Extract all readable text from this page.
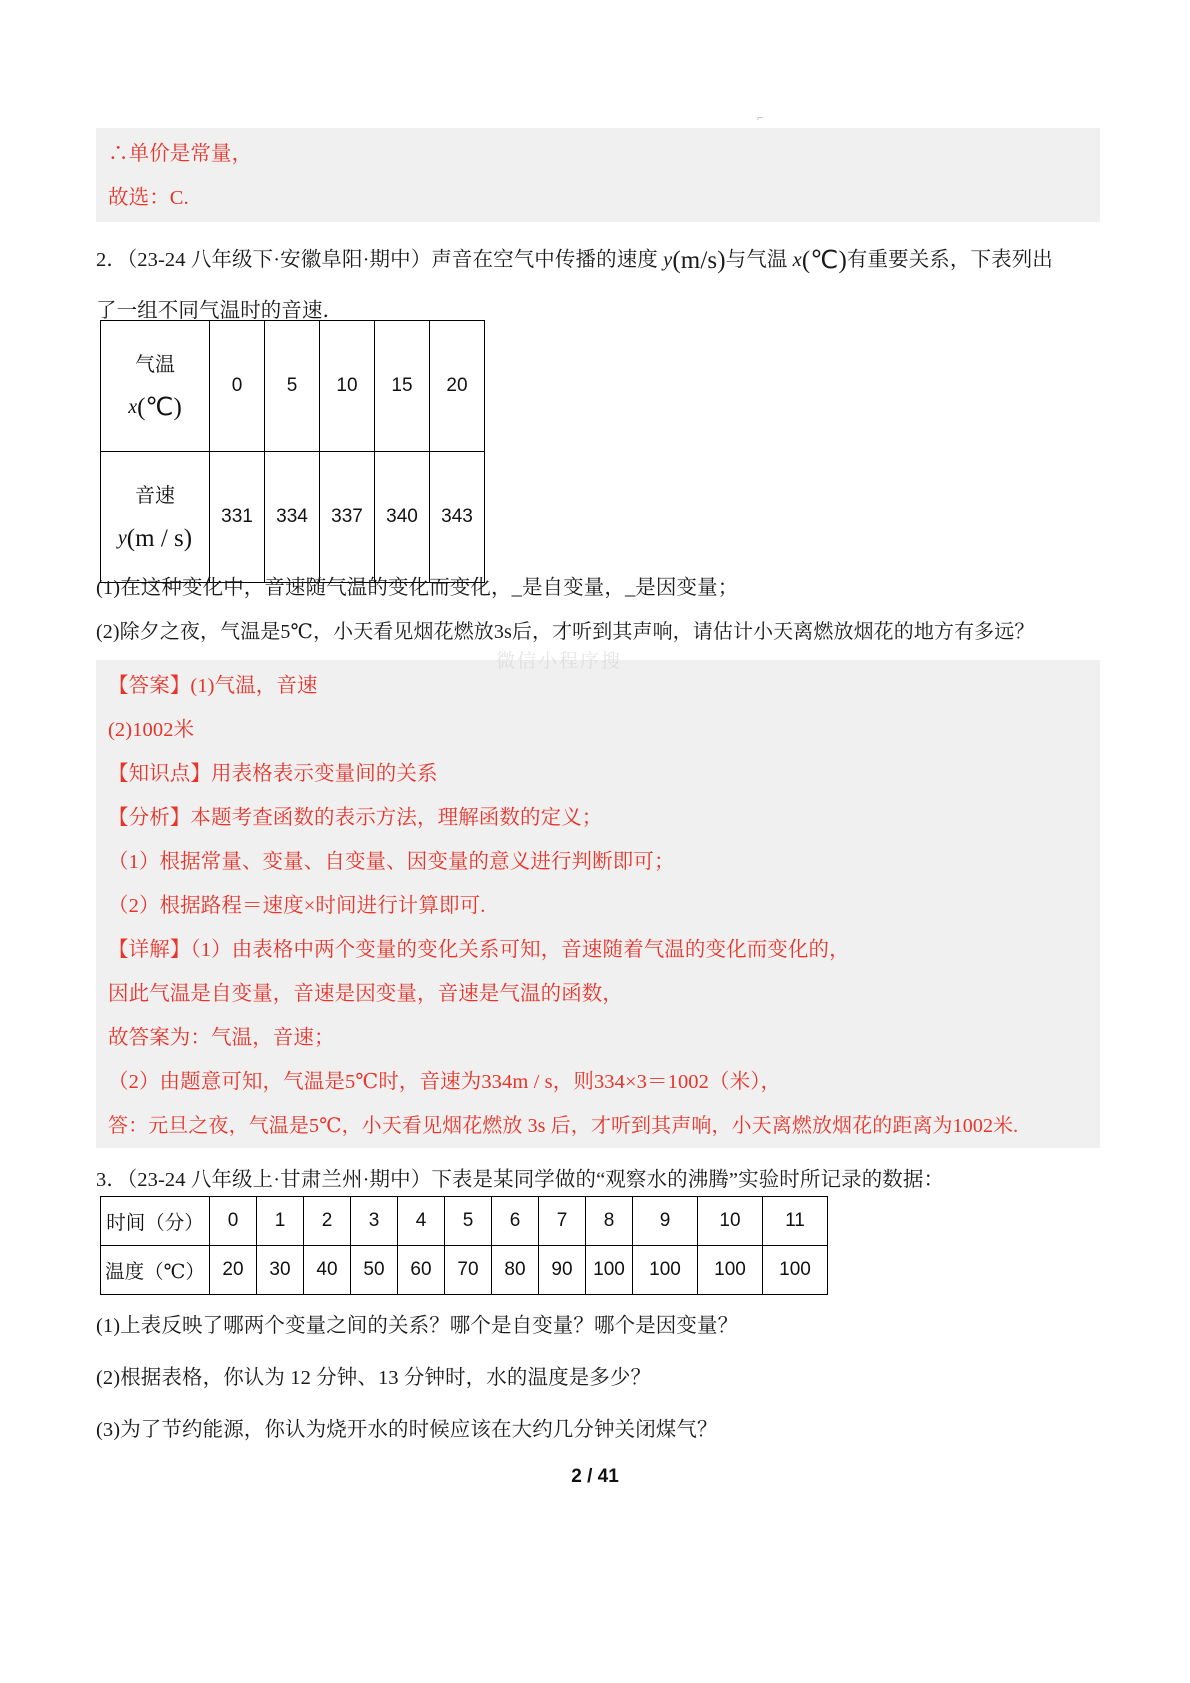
⌐
∴单价是常量，
故选：C.
2．（23-24 八年级下·安徽阜阳·期中）声音在空气中传播的速度 y(m/s)与气温 x(℃)有重要关系，下表列出
了一组不同气温时的音速．
气温
x(℃)	0	5	10	15	20
音速
y(m / s)	331	334	337	340	343
(1)在这种变化中，音速随气温的变化而变化，_是自变量，_是因变量；
(2)除夕之夜，气温是5℃，小天看见烟花燃放3s后，才听到其声响，请估计小天离燃放烟花的地方有多远？
微信小程序搜
【答案】(1)气温，音速
(2)1002米
【知识点】用表格表示变量间的关系
【分析】本题考查函数的表示方法，理解函数的定义；
（1）根据常量、变量、自变量、因变量的意义进行判断即可；
（2）根据路程＝速度×时间进行计算即可.
【详解】（1）由表格中两个变量的变化关系可知，音速随着气温的变化而变化的，
因此气温是自变量，音速是因变量，音速是气温的函数，
故答案为：气温，音速；
（2）由题意可知，气温是5℃时，音速为334m / s，则334×3＝1002（米），
答：元旦之夜，气温是5℃，小天看见烟花燃放 3s 后，才听到其声响，小天离燃放烟花的距离为1002米.
3．（23-24 八年级上·甘肃兰州·期中）下表是某同学做的“观察水的沸腾”实验时所记录的数据：
时间（分）	0	1	2	3	4	5	6	7	8	9	10	11
温度（℃）	20	30	40	50	60	70	80	90	100	100	100	100
(1)上表反映了哪两个变量之间的关系？哪个是自变量？哪个是因变量？
(2)根据表格，你认为 12 分钟、13 分钟时，水的温度是多少？
(3)为了节约能源，你认为烧开水的时候应该在大约几分钟关闭煤气？
2 / 41
